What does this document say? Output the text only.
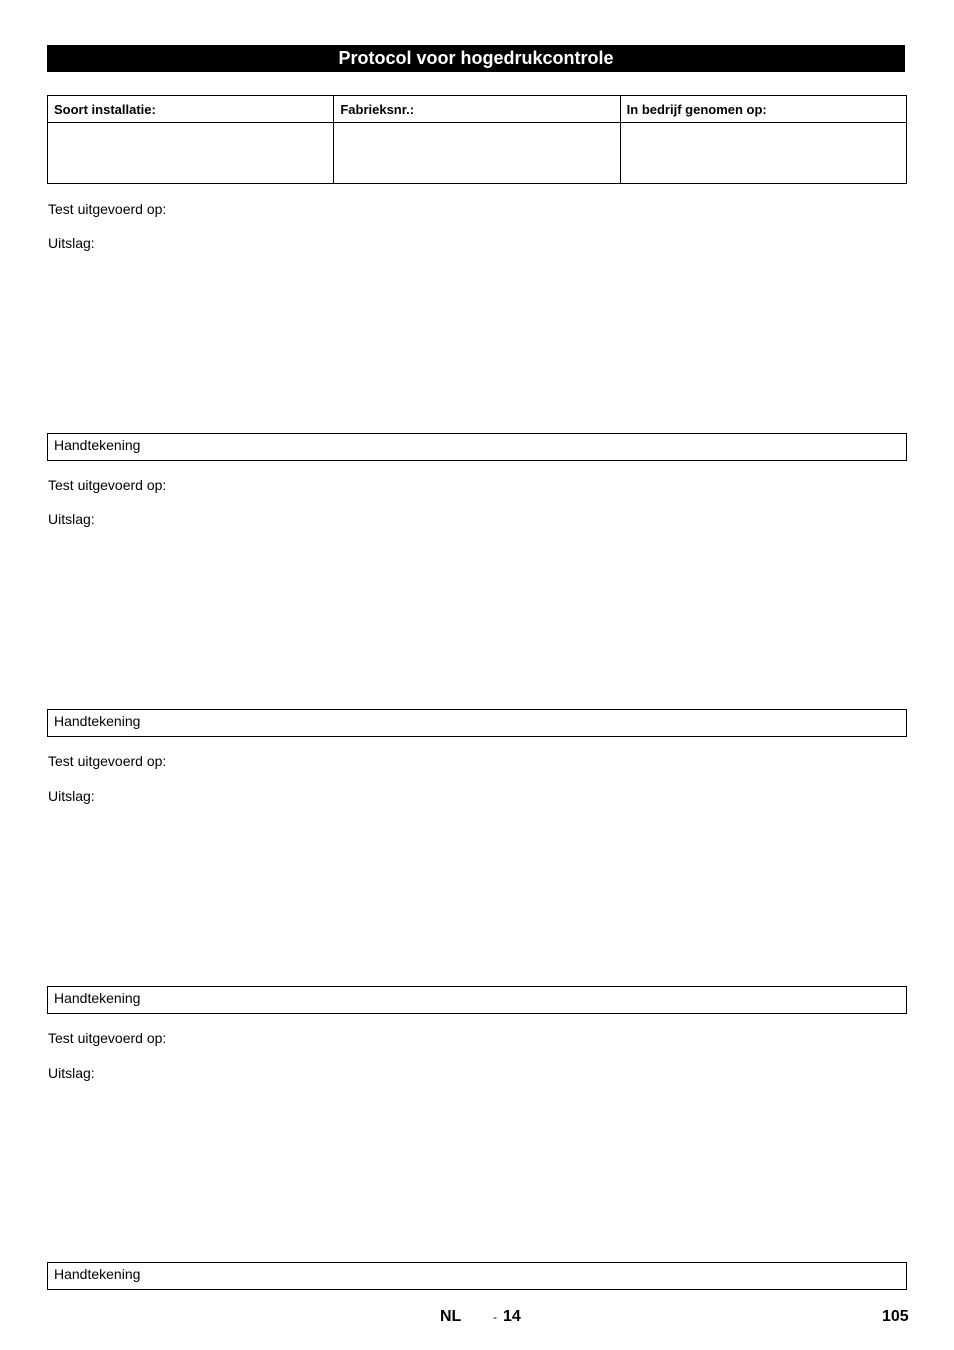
Protocol voor hogedrukcontrole
Soort installatie:	Fabrieksnr.:	In bedrijf genomen op:

Test uitgevoerd op:
Uitslag:
Handtekening
Test uitgevoerd op:
Uitslag:
Handtekening
Test uitgevoerd op:
Uitslag:
Handtekening
Test uitgevoerd op:
Uitslag:
Handtekening
NL	- 14	105
